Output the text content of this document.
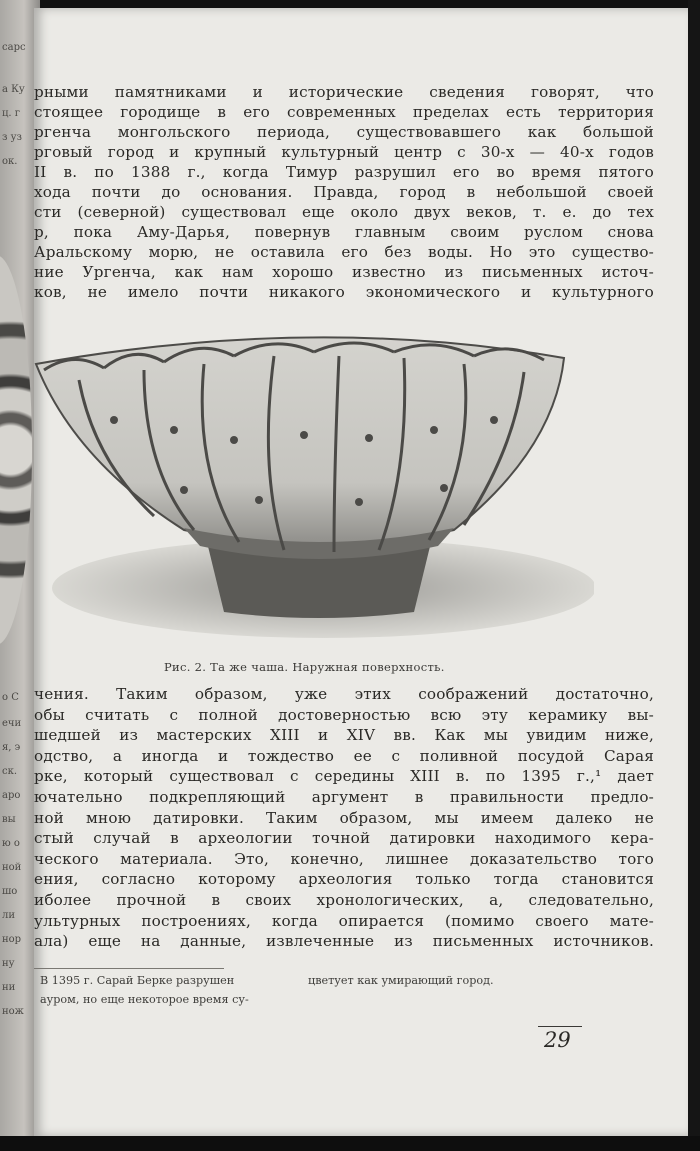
сарс
а Ку
ц. г
з уз
ок.
о С
ечи
я, э
ск.
аро
вы
ю о
ной
шо
ли
нор
ну
ни
нож
рными памятниками и исторические сведения говорят, что
стоящее городище в его современных пределах есть территория
ргенча монгольского периода, существовавшего как большой
рговый город и крупный культурный центр с 30-х — 40-х годов
II в. по 1388 г., когда Тимур разрушил его во время пятого
хода почти до основания. Правда, город в небольшой своей
сти (северной) существовал еще около двух веков, т. е. до тех
р, пока Аму-Дарья, повернув главным своим руслом снова
Аральскому морю, не оставила его без воды. Но это существо-
ние Ургенча, как нам хорошо известно из письменных источ-
ков, не имело почти никакого экономического и культурного
Рис. 2. Та же чаша. Наружная поверхность.
чения. Таким образом, уже этих соображений достаточно,
обы считать с полной достоверностью всю эту керамику вы-
шедшей из мастерских XIII и XIV вв. Как мы увидим ниже,
одство, а иногда и тождество ее с поливной посудой Сарая
рке, который существовал с середины XIII в. по 1395 г.,¹ дает
ючательно подкрепляющий аргумент в правильности предло-
ной мною датировки. Таким образом, мы имеем далеко не
стый случай в археологии точной датировки находимого кера-
ческого материала. Это, конечно, лишнее доказательство того
ения, согласно которому археология только тогда становится
иболее прочной в своих хронологических, а, следовательно,
ультурных построениях, когда опирается (помимо своего мате-
ала) еще на данные, извлеченные из письменных источников.
В 1395 г. Сарай Берке разрушен	цветует как умирающий город.
ауром, но еще некоторое время су-
29
